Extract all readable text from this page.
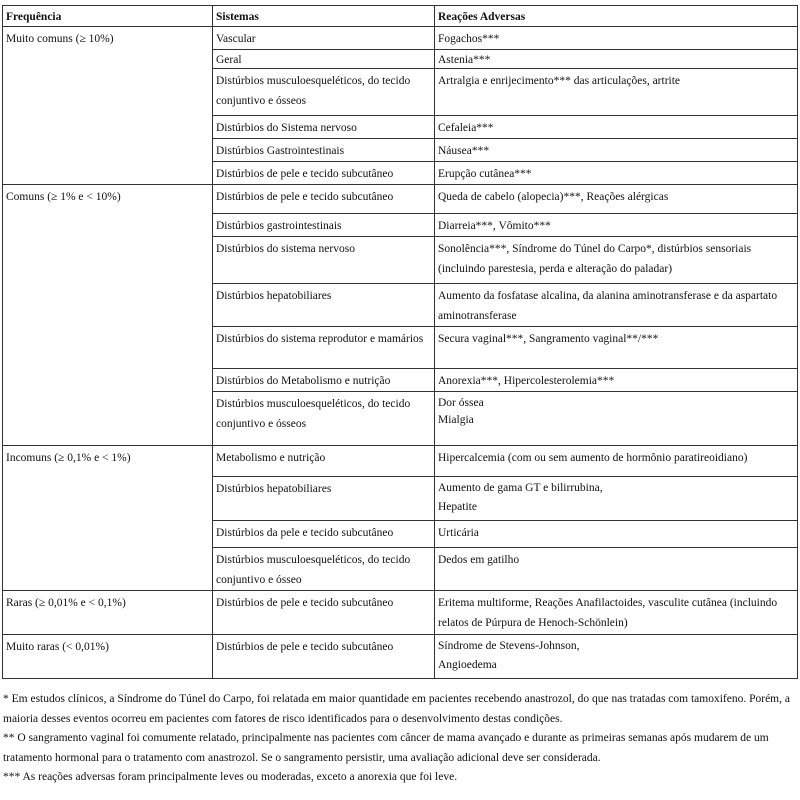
Frequência	Sistemas	Reações Adversas
Muito comuns (≥ 10%)	Vascular	Fogachos***
	Geral	Astenia***
	Distúrbios musculoesqueléticos, do tecido conjuntivo e ósseos	Artralgia e enrijecimento*** das articulações, artrite
	Distúrbios do Sistema nervoso	Cefaleia***
	Distúrbios Gastrointestinais	Náusea***
	Distúrbios de pele e tecido subcutâneo	Erupção cutânea***
Comuns (≥ 1% e < 10%)	Distúrbios de pele e tecido subcutâneo	Queda de cabelo (alopecia)***, Reações alérgicas
	Distúrbios gastrointestinais	Diarreia***, Vômito***
	Distúrbios do sistema nervoso	Sonolência***, Síndrome do Túnel do Carpo*, distúrbios sensoriais (incluindo parestesia, perda e alteração do paladar)
	Distúrbios hepatobiliares	Aumento da fosfatase alcalina, da alanina aminotransferase e da aspartato aminotransferase
	Distúrbios do sistema reprodutor e mamários	Secura vaginal***, Sangramento vaginal**/***
	Distúrbios do Metabolismo e nutrição	Anorexia***, Hipercolesterolemia***
	Distúrbios musculoesqueléticos, do tecido conjuntivo e ósseos	Dor óssea
Mialgia

Incomuns (≥ 0,1% e < 1%)	Metabolismo e nutrição	Hipercalcemia (com ou sem aumento de hormônio paratireoidiano)
	Distúrbios hepatobiliares	Aumento de gama GT e bilirrubina,
Hepatite

	Distúrbios da pele e tecido subcutâneo	Urticária
	Distúrbios musculoesqueléticos, do tecido conjuntivo e ósseo	Dedos em gatilho
Raras (≥ 0,01% e < 0,1%)	Distúrbios de pele e tecido subcutâneo	Eritema multiforme, Reações Anafilactoides, vasculite cutânea (incluindo relatos de Púrpura de Henoch-Schönlein)
Muito raras (< 0,01%)	Distúrbios de pele e tecido subcutâneo	Síndrome de Stevens-Johnson,
Angioedema

* Em estudos clínicos, a Síndrome do Túnel do Carpo, foi relatada em maior quantidade em pacientes recebendo anastrozol, do que nas tratadas com tamoxifeno. Porém, a maioria desses eventos ocorreu em pacientes com fatores de risco identificados para o desenvolvimento destas condições.

** O sangramento vaginal foi comumente relatado, principalmente nas pacientes com câncer de mama avançado e durante as primeiras semanas após mudarem de um tratamento hormonal para o tratamento com anastrozol. Se o sangramento persistir, uma avaliação adicional deve ser considerada.

*** As reações adversas foram principalmente leves ou moderadas, exceto a anorexia que foi leve.
